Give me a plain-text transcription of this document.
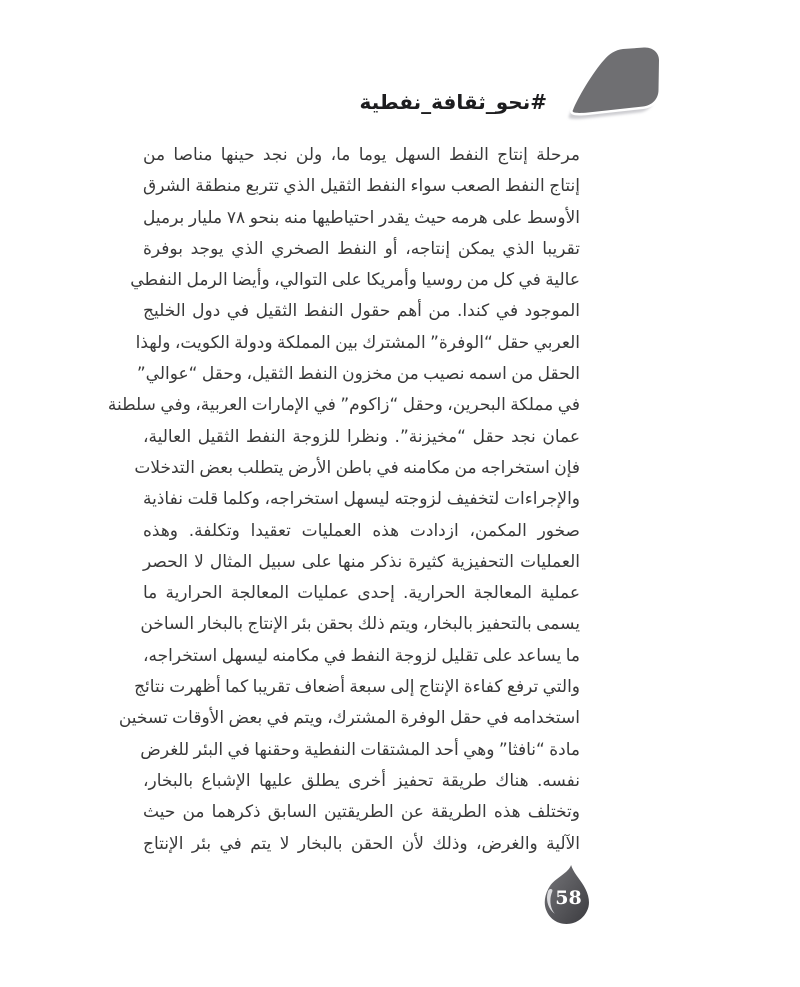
#نحو_ثقافة_نفطية
مرحلة إنتاج النفط السهل يوما ما، ولن نجد حينها مناصا من
إنتاج النفط الصعب سواء النفط الثقيل الذي تتربع منطقة الشرق
الأوسط على هرمه حيث يقدر احتياطيها منه بنحو ٧٨ مليار برميل
تقريبا الذي يمكن إنتاجه، أو النفط الصخري الذي يوجد بوفرة
عالية في كل من روسيا وأمريكا على التوالي، وأيضا الرمل النفطي
الموجود في كندا. من أهم حقول النفط الثقيل في دول الخليج
العربي حقل “الوفرة” المشترك بين المملكة ودولة الكويت، ولهذا
الحقل من اسمه نصيب من مخزون النفط الثقيل، وحقل “عوالي”
في مملكة البحرين، وحقل “زاكوم” في الإمارات العربية، وفي سلطنة
عمان نجد حقل “مخيزنة”. ونظرا للزوجة النفط الثقيل العالية،
فإن استخراجه من مكامنه في باطن الأرض يتطلب بعض التدخلات
والإجراءات لتخفيف لزوجته ليسهل استخراجه، وكلما قلت نفاذية
صخور المكمن، ازدادت هذه العمليات تعقيدا وتكلفة. وهذه
العمليات التحفيزية كثيرة نذكر منها على سبيل المثال لا الحصر
عملية المعالجة الحرارية. إحدى عمليات المعالجة الحرارية ما
يسمى بالتحفيز بالبخار، ويتم ذلك بحقن بئر الإنتاج بالبخار الساخن
ما يساعد على تقليل لزوجة النفط في مكامنه ليسهل استخراجه،
والتي ترفع كفاءة الإنتاج إلى سبعة أضعاف تقريبا كما أظهرت نتائج
استخدامه في حقل الوفرة المشترك، ويتم في بعض الأوقات تسخين
مادة “نافثا” وهي أحد المشتقات النفطية وحقنها في البئر للغرض
نفسه. هناك طريقة تحفيز أخرى يطلق عليها الإشباع بالبخار،
وتختلف هذه الطريقة عن الطريقتين السابق ذكرهما من حيث
الآلية والغرض، وذلك لأن الحقن بالبخار لا يتم في بئر الإنتاج
58
